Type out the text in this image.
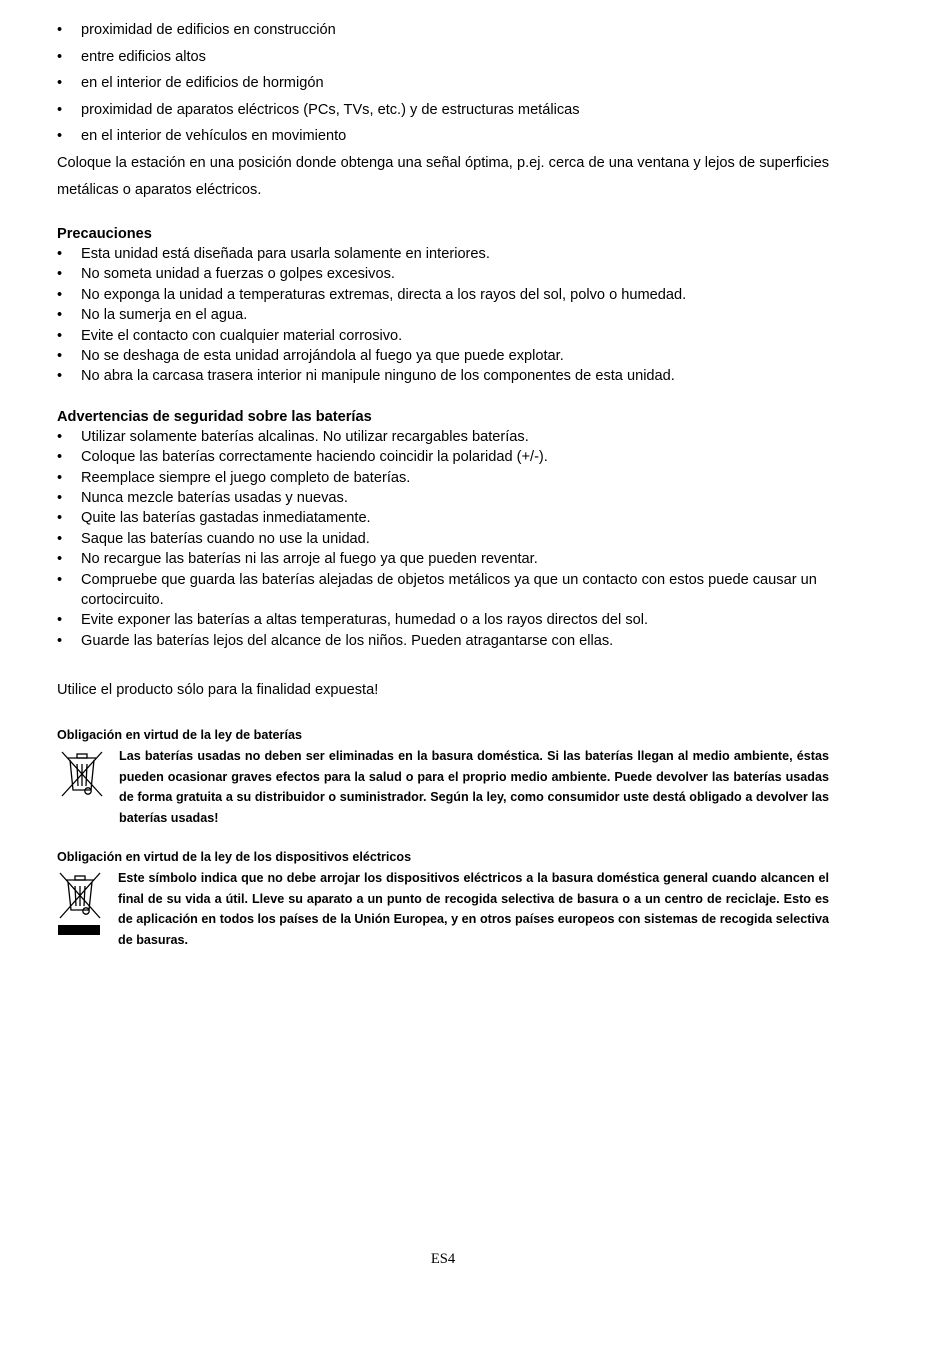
• proximidad de edificios en construcción
• entre edificios altos
• en el interior de edificios de hormigón
• proximidad de aparatos eléctricos (PCs, TVs, etc.) y de estructuras metálicas
• en el interior de vehículos en movimiento

Coloque la estación en una posición donde obtenga una señal óptima, p.ej. cerca de una ventana y lejos de superficies metálicas o aparatos eléctricos.

Precauciones

• Esta unidad está diseñada para usarla solamente en interiores.
• No someta unidad a fuerzas o golpes excesivos.
• No exponga la unidad a temperaturas extremas, directa a los rayos del sol, polvo o humedad.
• No la sumerja en el agua.
• Evite el contacto con cualquier material corrosivo.
• No se deshaga de esta unidad arrojándola al fuego ya que puede explotar.
• No abra la carcasa trasera interior ni manipule ninguno de los componentes de esta unidad.

Advertencias de seguridad sobre las baterías

• Utilizar solamente baterías alcalinas. No utilizar recargables baterías.
• Coloque las baterías correctamente haciendo coincidir la polaridad (+/-).
• Reemplace siempre el juego completo de baterías.
• Nunca mezcle baterías usadas y nuevas.
• Quite las baterías gastadas inmediatamente.
• Saque las baterías cuando no use la unidad.
• No recargue las baterías ni las arroje al fuego ya que pueden reventar.
• Compruebe que guarda las baterías alejadas de objetos metálicos ya que un contacto con estos puede causar un cortocircuito.
• Evite exponer las baterías a altas temperaturas, humedad o a los rayos directos del sol.
• Guarde las baterías lejos del alcance de los niños. Pueden atragantarse con ellas.

Utilice el producto sólo para la finalidad expuesta!

Obligación en virtud de la ley de baterías

Las baterías usadas no deben ser eliminadas en la basura doméstica. Si las baterías llegan al medio ambiente, éstas pueden ocasionar graves efectos para la salud o para el proprio medio ambiente. Puede devolver las baterías usadas de forma gratuita a su distribuidor o suministrador. Según la ley, como consumidor uste destá obligado a devolver las baterías usadas!

Obligación en virtud de la ley de los dispositivos eléctricos

Este símbolo indica que no debe arrojar los dispositivos eléctricos a la basura doméstica general cuando alcancen el final de su vida a útil. Lleve su aparato a un punto de recogida selectiva de basura o a un centro de reciclaje. Esto es de aplicación en todos los países de la Unión Europea, y en otros países europeos con sistemas de recogida selectiva de basuras.
ES4
